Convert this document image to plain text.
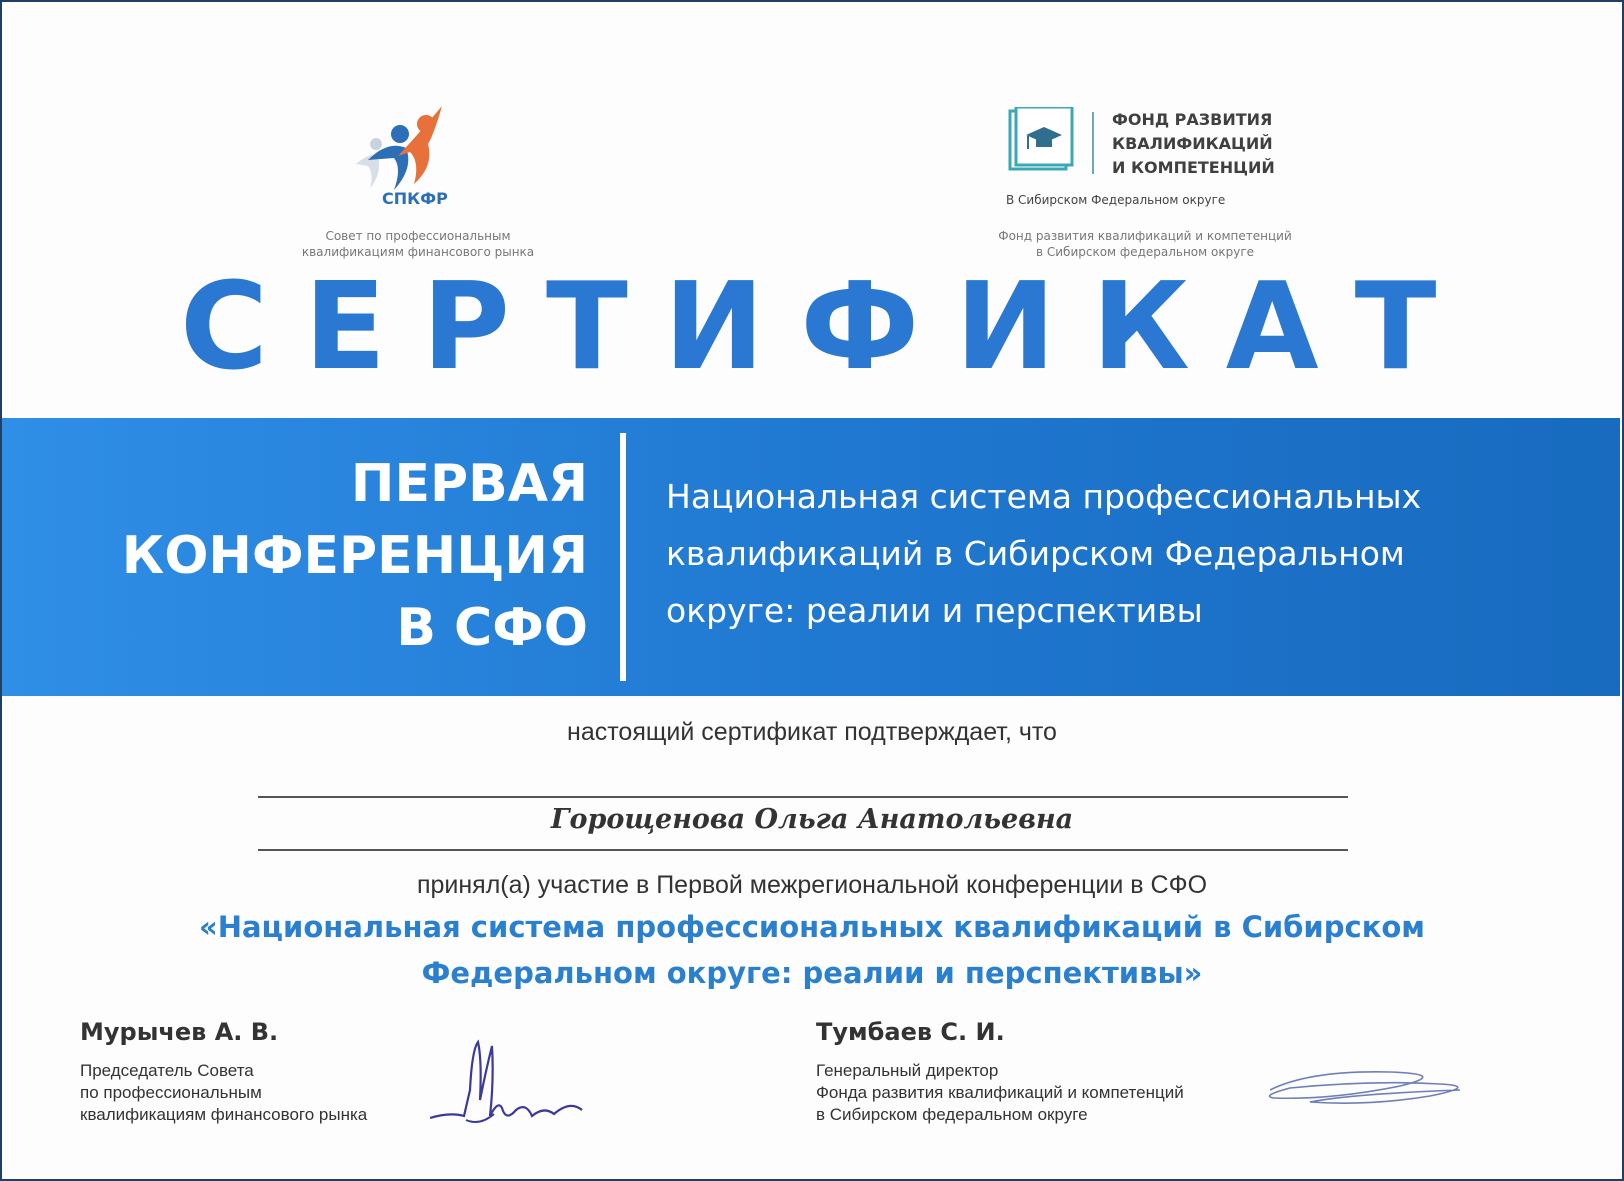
СПКФР
Совет по профессиональным
квалификациям финансового рынка
ФОНД РАЗВИТИЯ
КВАЛИФИКАЦИЙ
И КОМПЕТЕНЦИЙ
В Сибирском Федеральном округе
Фонд развития квалификаций и компетенций
в Сибирском федеральном округе
СЕРТИФИКАТ
ПЕРВАЯ
КОНФЕРЕНЦИЯ
В СФО
Национальная система профессиональных
квалификаций в Сибирском Федеральном
округе: реалии и перспективы
настоящий сертификат подтверждает, что
Горощенова Ольга Анатольевна
принял(а) участие в Первой межрегиональной конференции в СФО
«Национальная система профессиональных квалификаций в Сибирском
Федеральном округе: реалии и перспективы»
Мурычев А. В.
Председатель Совета
по профессиональным
квалификациям финансового рынка
Тумбаев С. И.
Генеральный директор
Фонда развития квалификаций и компетенций
в Сибирском федеральном округе
